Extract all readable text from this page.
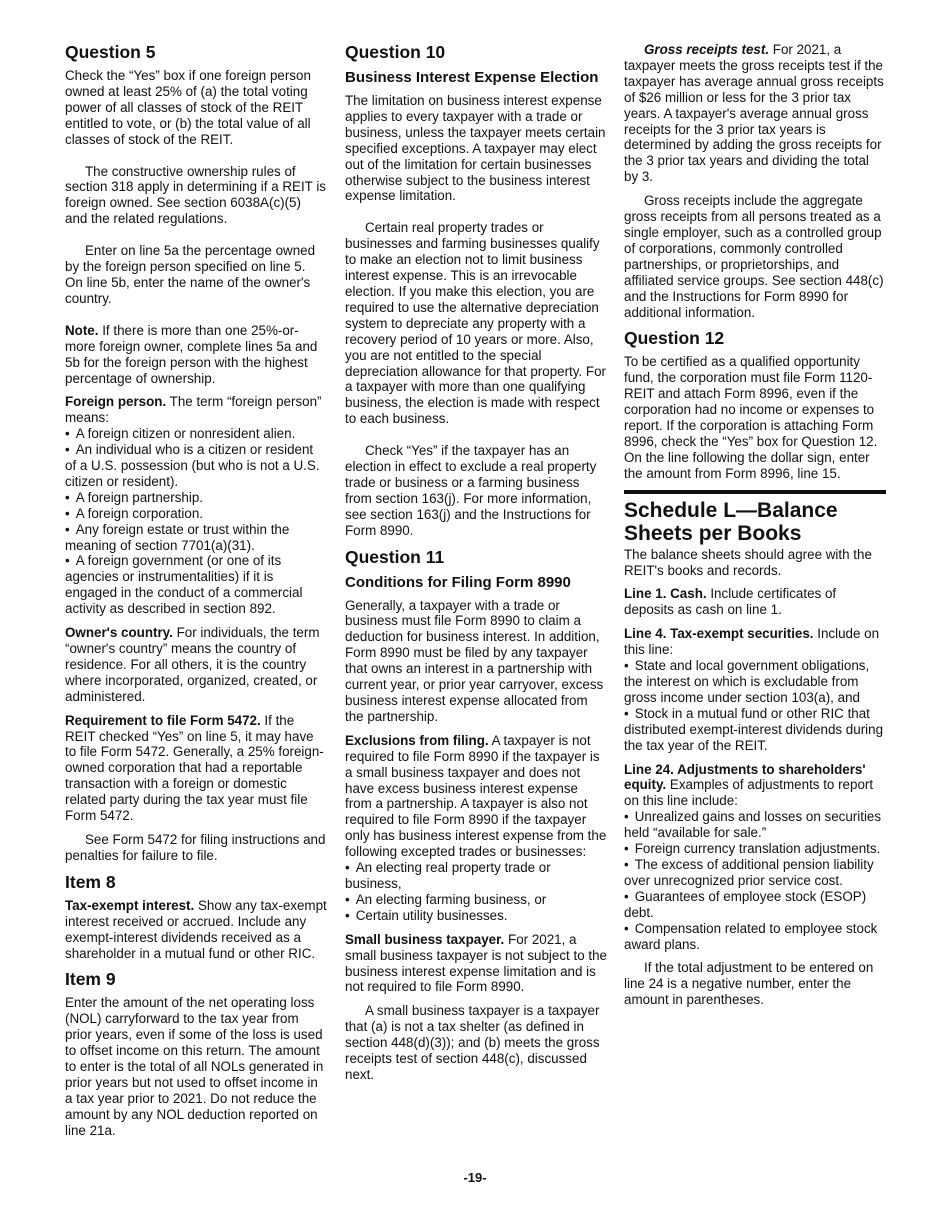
Question 5

Check the “Yes” box if one foreign person owned at least 25% of (a) the total voting power of all classes of stock of the REIT entitled to vote, or (b) the total value of all classes of stock of the REIT.

The constructive ownership rules of section 318 apply in determining if a REIT is foreign owned. See section 6038A(c)(5) and the related regulations.

Enter on line 5a the percentage owned by the foreign person specified on line 5. On line 5b, enter the name of the owner's country.

Note. If there is more than one 25%-or-more foreign owner, complete lines 5a and 5b for the foreign person with the highest percentage of ownership.

Foreign person. The term “foreign person” means:

• A foreign citizen or nonresident alien.
• An individual who is a citizen or resident of a U.S. possession (but who is not a U.S. citizen or resident).
• A foreign partnership.
• A foreign corporation.
• Any foreign estate or trust within the meaning of section 7701(a)(31).
• A foreign government (or one of its agencies or instrumentalities) if it is engaged in the conduct of a commercial activity as described in section 892.

Owner's country. For individuals, the term “owner's country” means the country of residence. For all others, it is the country where incorporated, organized, created, or administered.

Requirement to file Form 5472. If the REIT checked “Yes” on line 5, it may have to file Form 5472. Generally, a 25% foreign-owned corporation that had a reportable transaction with a foreign or domestic related party during the tax year must file Form 5472.

See Form 5472 for filing instructions and penalties for failure to file.

Item 8

Tax-exempt interest. Show any tax-exempt interest received or accrued. Include any exempt-interest dividends received as a shareholder in a mutual fund or other RIC.

Item 9

Enter the amount of the net operating loss (NOL) carryforward to the tax year from prior years, even if some of the loss is used to offset income on this return. The amount to enter is the total of all NOLs generated in prior years but not used to offset income in a tax year prior to 2021. Do not reduce the amount by any NOL deduction reported on line 21a.

Question 10
Business Interest Expense Election

The limitation on business interest expense applies to every taxpayer with a trade or business, unless the taxpayer meets certain specified exceptions. A taxpayer may elect out of the limitation for certain businesses otherwise subject to the business interest expense limitation.

Certain real property trades or businesses and farming businesses qualify to make an election not to limit business interest expense. This is an irrevocable election. If you make this election, you are required to use the alternative depreciation system to depreciate any property with a recovery period of 10 years or more. Also, you are not entitled to the special depreciation allowance for that property. For a taxpayer with more than one qualifying business, the election is made with respect to each business.

Check “Yes” if the taxpayer has an election in effect to exclude a real property trade or business or a farming business from section 163(j). For more information, see section 163(j) and the Instructions for Form 8990.

Question 11
Conditions for Filing Form 8990

Generally, a taxpayer with a trade or business must file Form 8990 to claim a deduction for business interest. In addition, Form 8990 must be filed by any taxpayer that owns an interest in a partnership with current year, or prior year carryover, excess business interest expense allocated from the partnership.

Exclusions from filing. A taxpayer is not required to file Form 8990 if the taxpayer is a small business taxpayer and does not have excess business interest expense from a partnership. A taxpayer is also not required to file Form 8990 if the taxpayer only has business interest expense from the following excepted trades or businesses:

• An electing real property trade or business,
• An electing farming business, or
• Certain utility businesses.

Small business taxpayer. For 2021, a small business taxpayer is not subject to the business interest expense limitation and is not required to file Form 8990.

A small business taxpayer is a taxpayer that (a) is not a tax shelter (as defined in section 448(d)(3)); and (b) meets the gross receipts test of section 448(c), discussed next.

Gross receipts test. For 2021, a taxpayer meets the gross receipts test if the taxpayer has average annual gross receipts of $26 million or less for the 3 prior tax years. A taxpayer's average annual gross receipts for the 3 prior tax years is determined by adding the gross receipts for the 3 prior tax years and dividing the total by 3.

Gross receipts include the aggregate gross receipts from all persons treated as a single employer, such as a controlled group of corporations, commonly controlled partnerships, or proprietorships, and affiliated service groups. See section 448(c) and the Instructions for Form 8990 for additional information.

Question 12

To be certified as a qualified opportunity fund, the corporation must file Form 1120-REIT and attach Form 8996, even if the corporation had no income or expenses to report. If the corporation is attaching Form 8996, check the “Yes” box for Question 12. On the line following the dollar sign, enter the amount from Form 8996, line 15.

Schedule L—Balance Sheets per Books

The balance sheets should agree with the REIT's books and records.

Line 1. Cash. Include certificates of deposits as cash on line 1.

Line 4. Tax-exempt securities. Include on this line:

• State and local government obligations, the interest on which is excludable from gross income under section 103(a), and
• Stock in a mutual fund or other RIC that distributed exempt-interest dividends during the tax year of the REIT.

Line 24. Adjustments to shareholders' equity. Examples of adjustments to report on this line include:

• Unrealized gains and losses on securities held “available for sale.”
• Foreign currency translation adjustments.
• The excess of additional pension liability over unrecognized prior service cost.
• Guarantees of employee stock (ESOP) debt.
• Compensation related to employee stock award plans.

If the total adjustment to be entered on line 24 is a negative number, enter the amount in parentheses.

-19-
